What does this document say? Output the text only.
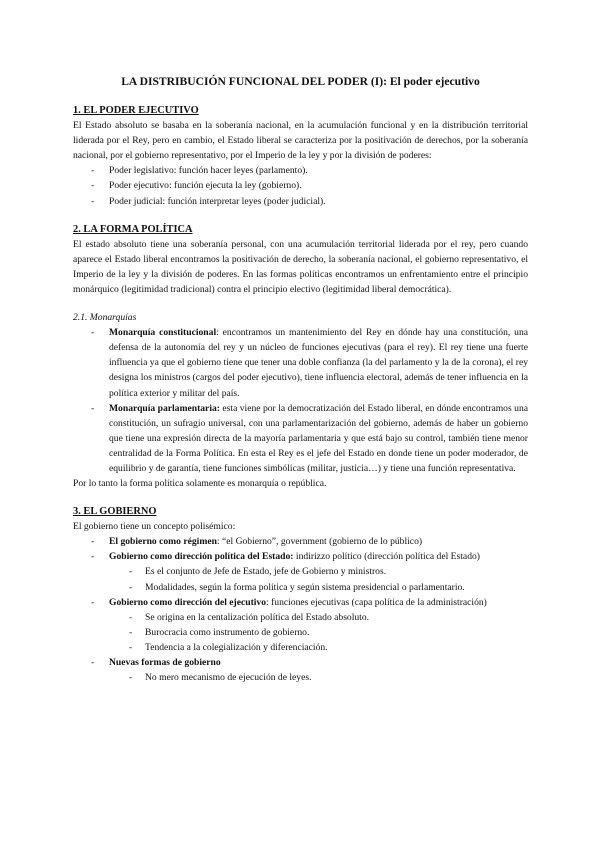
LA DISTRIBUCIÓN FUNCIONAL DEL PODER (I): El poder ejecutivo

1. EL PODER EJECUTIVO

El Estado absoluto se basaba en la soberanía nacional, en la acumulación funcional y en la distribución territorial liderada por el Rey, pero en cambio, el Estado liberal se caracteriza por la positivación de derechos, por la soberanía nacional, por el gobierno representativo, por el Imperio de la ley y por la división de poderes:

- Poder legislativo: función hacer leyes (parlamento).
- Poder ejecutivo: función ejecuta la ley (gobierno).
- Poder judicial: función interpretar leyes (poder judicial).

2. LA FORMA POLÍTICA

El estado absoluto tiene una soberanía personal, con una acumulación territorial liderada por el rey, pero cuando aparece el Estado liberal encontramos la positivación de derecho, la soberanía nacional, el gobierno representativo, el Imperio de la ley y la división de poderes. En las formas políticas encontramos un enfrentamiento entre el principio monárquico (legitimidad tradicional) contra el principio electivo (legitimidad liberal democrática).

2.1. Monarquías

- Monarquía constitucional: encontramos un mantenimiento del Rey en dónde hay una constitución, una defensa de la autonomía del rey y un núcleo de funciones ejecutivas (para el rey). El rey tiene una fuerte influencia ya que el gobierno tiene que tener una doble confianza (la del parlamento y la de la corona), el rey designa los ministros (cargos del poder ejecutivo), tiene influencia electoral, además de tener influencia en la política exterior y militar del país.
- Monarquía parlamentaria: esta viene por la democratización del Estado liberal, en dónde encontramos una constitución, un sufragio universal, con una parlamentarización del gobierno, además de haber un gobierno que tiene una expresión directa de la mayoría parlamentaria y que está bajo su control, también tiene menor centralidad de la Forma Política. En esta el Rey es el jefe del Estado en donde tiene un poder moderador, de equilibrio y de garantía, tiene funciones simbólicas (militar, justicia…) y tiene una función representativa.

Por lo tanto la forma política solamente es monarquía o república.

3. EL GOBIERNO

El gobierno tiene un concepto polisémico:

- El gobierno como régimen: “el Gobierno”, government (gobierno de lo público)
- Gobierno como dirección política del Estado: indirizzo político (dirección política del Estado)
- Es el conjunto de Jefe de Estado, jefe de Gobierno y ministros.
- Modalidades, según la forma política y según sistema presidencial o parlamentario.
- Gobierno como dirección del ejecutivo: funciones ejecutivas (capa política de la administración)
- Se origina en la centalización política del Estado absoluto.
- Burocracia como instrumento de gobierno.
- Tendencia a la colegialización y diferenciación.
- Nuevas formas de gobierno
- No mero mecanismo de ejecución de leyes.
